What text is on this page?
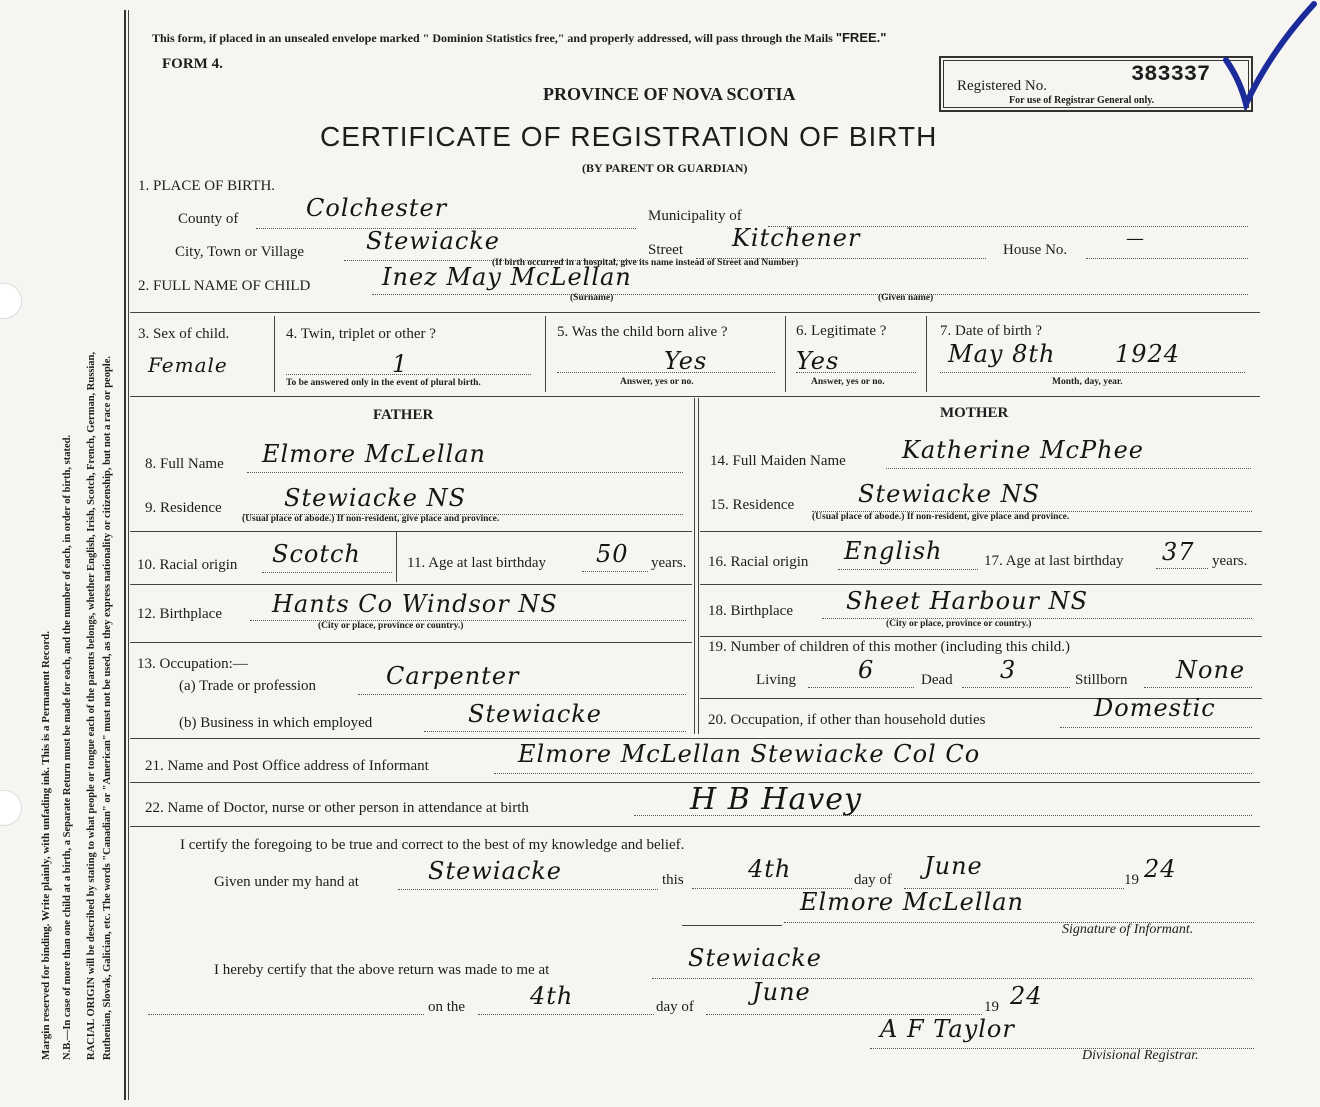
Margin reserved for binding. Write plainly, with unfading ink. This is a Permanent Record. N.B.—In case of more than one child at a birth, a Separate Return must be made for each, and the number of each, in order of birth, stated. RACIAL ORIGIN will be described by stating to what people or tongue each of the parents belongs, whether English, Irish, Scotch, French, German, Russian, Ruthenian, Slovak, Galician, etc. The words "Canadian" or "American" must not be used, as they express nationality or citizenship, but not a race or people.
This form, if placed in an unsealed envelope marked " Dominion Statistics free," and properly addressed, will pass through the Mails "FREE."
FORM 4.
PROVINCE OF NOVA SCOTIA
CERTIFICATE OF REGISTRATION OF BIRTH
(BY PARENT OR GUARDIAN)
Registered No.	383337
For use of Registrar General only.
1. PLACE OF BIRTH.
County of	Colchester	Municipality of
City, Town or Village	Stewiacke	Street Kitchener	House No.
—
(If birth occurred in a hospital, give its name instead of Street and Number)
2. FULL NAME OF CHILD	Inez May McLellan
(Surname)	(Given name)
3. Sex of child.
Female
4. Twin, triplet or other ?
1
To be answered only in the event of plural birth.
5. Was the child born alive ?
Yes
Answer, yes or no.
6. Legitimate ?
Yes
Answer, yes or no.
7. Date of birth ?
May 8th 1924
Month, day, year.
FATHER	MOTHER
8. Full Name Elmore McLellan
9. Residence	Stewiacke NS
(Usual place of abode.) If non-resident, give place and province.
10. Racial origin Scotch	11. Age at last birthday 50 years.
12. Birthplace Hants Co Windsor NS
(City or place, province or country.)
13. Occupation:—
(a) Trade or profession	Carpenter
(b) Business in which employed	Stewiacke
14. Full Maiden Name Katherine McPhee
15. Residence	Stewiacke NS
(Usual place of abode.) If non-resident, give place and province.
16. Racial origin English	17. Age at last birthday 37 years.
18. Birthplace Sheet Harbour NS
(City or place, province or country.)
19. Number of children of this mother (including this child.)
Living	6	Dead 3	Stillborn None
20. Occupation, if other than household duties	Domestic
21. Name and Post Office address of Informant	Elmore McLellan Stewiacke Col Co
22. Name of Doctor, nurse or other person in attendance at birth	H B Havey
I certify the foregoing to be true and correct to the best of my knowledge and belief.
Given under my hand at	Stewiacke	this	4th	day of June	19 24
Elmore McLellan
Signature of Informant.
I hereby certify that the above return was made to me at	Stewiacke
on the	4th	day of
June
19 24
A F Taylor
Divisional Registrar.
